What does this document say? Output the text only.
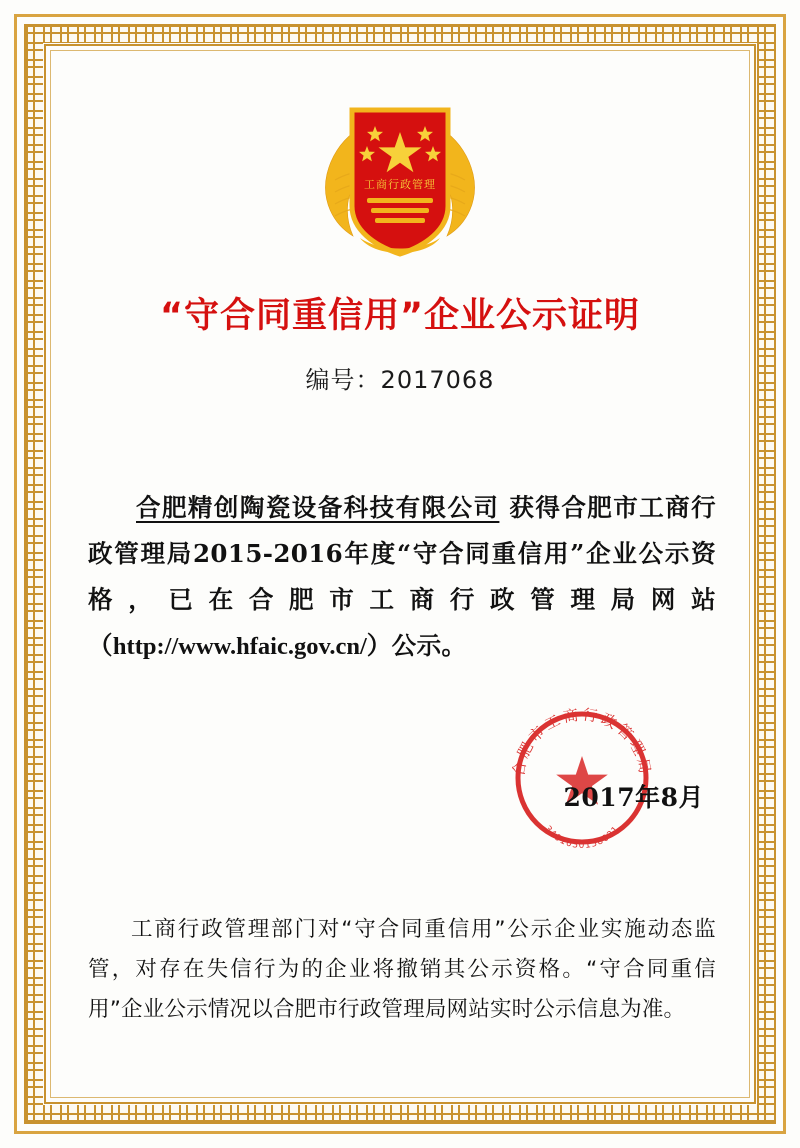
工商行政管理
“守合同重信用”企业公示证明
编号：2017068

合肥精创陶瓷设备科技有限公司 获得合肥市工商行政管理局2015-2016年度“守合同重信用”企业公示资格，已在合肥市工商行政管理局网站（http://www.hfaic.gov.cn/）公示。

合肥市工商行政管理局
3401030138021
2017年8月

工商行政管理部门对“守合同重信用”公示企业实施动态监管，对存在失信行为的企业将撤销其公示资格。“守合同重信用”企业公示情况以合肥市行政管理局网站实时公示信息为准。
